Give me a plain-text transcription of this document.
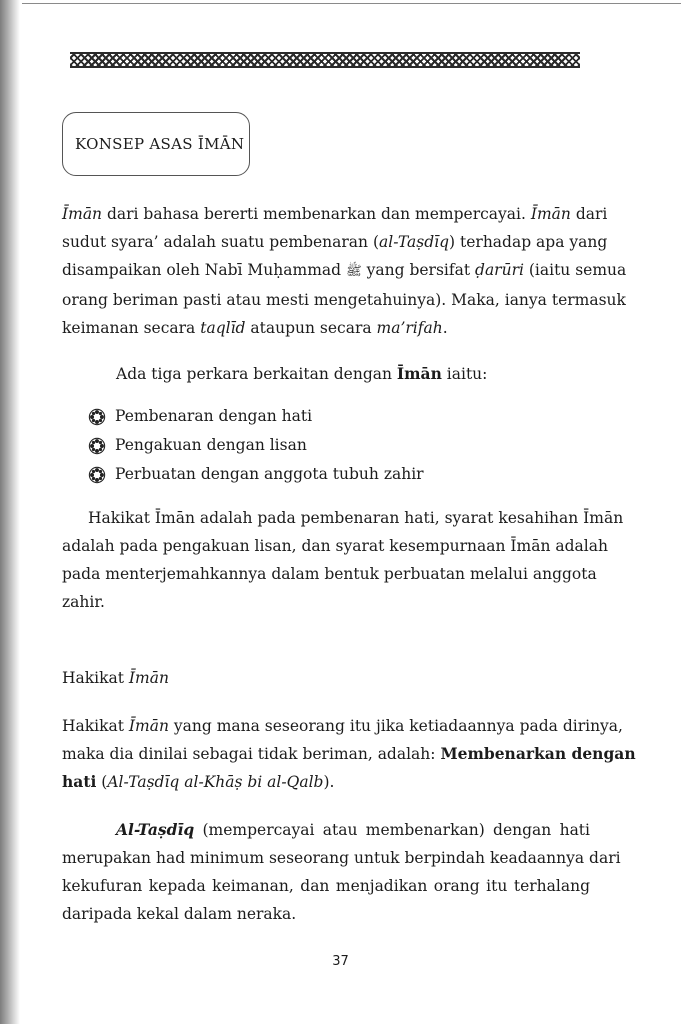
KONSEP ASAS ĪMĀN

Īmān dari bahasa bererti membenarkan dan mempercayai. Īmān dari
sudut syara’ adalah suatu pembenaran (al-Taṣdīq) terhadap apa yang
disampaikan oleh Nabī Muḥammad ﷺ yang bersifat ḍarūri (iaitu semua
orang beriman pasti atau mesti mengetahuinya). Maka, ianya termasuk
keimanan secara taqlīd ataupun secara ma’rifah.

Ada tiga perkara berkaitan dengan Īmān iaitu:

Pembenaran dengan hati
Pengakuan dengan lisan
Perbuatan dengan anggota tubuh zahir

Hakikat Īmān adalah pada pembenaran hati, syarat kesahihan Īmān
adalah pada pengakuan lisan, dan syarat kesempurnaan Īmān adalah
pada menterjemahkannya dalam bentuk perbuatan melalui anggota
zahir.

Hakikat Īmān

Hakikat Īmān yang mana seseorang itu jika ketiadaannya pada dirinya,
maka dia dinilai sebagai tidak beriman, adalah: Membenarkan dengan
hati (Al-Taṣdīq al-Khāṣ bi al-Qalb).

Al-Taṣdīq (mempercayai atau membenarkan) dengan hati
merupakan had minimum seseorang untuk berpindah keadaannya dari
kekufuran kepada keimanan, dan menjadikan orang itu terhalang
daripada kekal dalam neraka.

37
